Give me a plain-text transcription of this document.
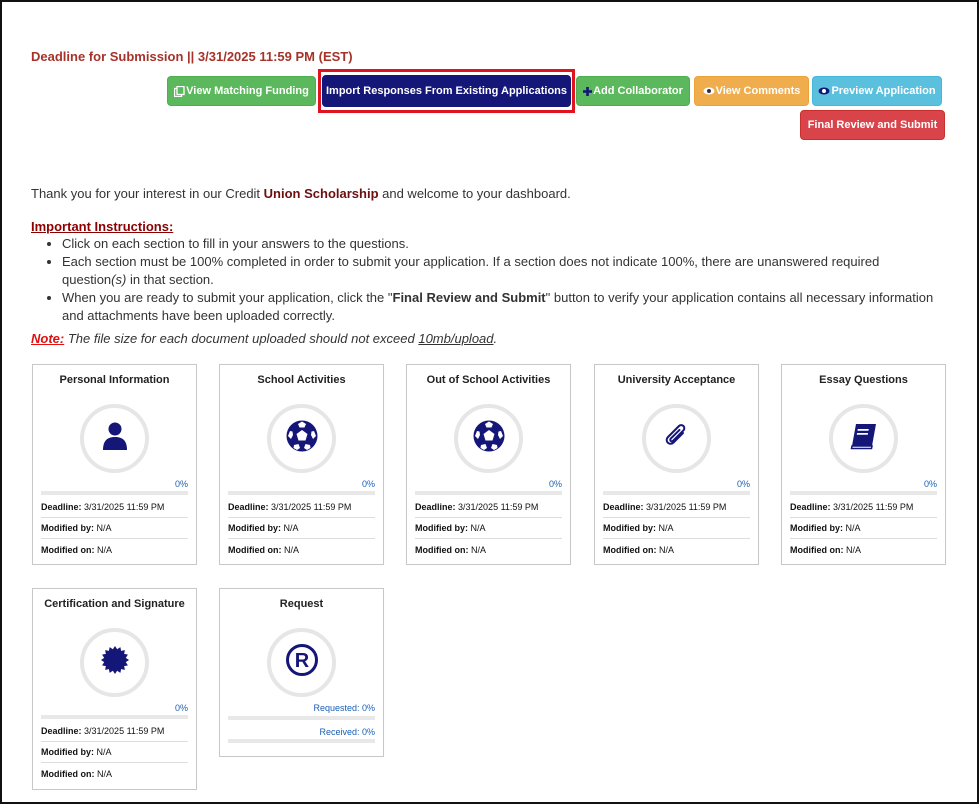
Deadline for Submission || 3/31/2025 11:59 PM (EST)
View Matching Funding Import Responses From Existing Applications Add Collaborator	View Comments	Preview Application
Final Review and Submit
Thank you for your interest in our Credit Union Scholarship and welcome to your dashboard.
Important Instructions:
• Click on each section to fill in your answers to the questions.
• Each section must be 100% completed in order to submit your application. If a section does not indicate 100%, there are unanswered required question(s) in that section.
• When you are ready to submit your application, click the "Final Review and Submit" button to verify your application contains all necessary information and attachments have been uploaded correctly.
Note: The file size for each document uploaded should not exceed 10mb/upload.
Personal Information
0%
Deadline: 3/31/2025 11:59 PM
Modified by: N/A
Modified on: N/A
School Activities
0%
Deadline: 3/31/2025 11:59 PM
Modified by: N/A
Modified on: N/A
Out of School Activities
0%
Deadline: 3/31/2025 11:59 PM
Modified by: N/A
Modified on: N/A
University Acceptance
0%
Deadline: 3/31/2025 11:59 PM
Modified by: N/A
Modified on: N/A
Essay Questions
0%
Deadline: 3/31/2025 11:59 PM
Modified by: N/A
Modified on: N/A
Certification and Signature
0%
Deadline: 3/31/2025 11:59 PM
Modified by: N/A
Modified on: N/A
Request
R
Requested: 0%
Received: 0%
